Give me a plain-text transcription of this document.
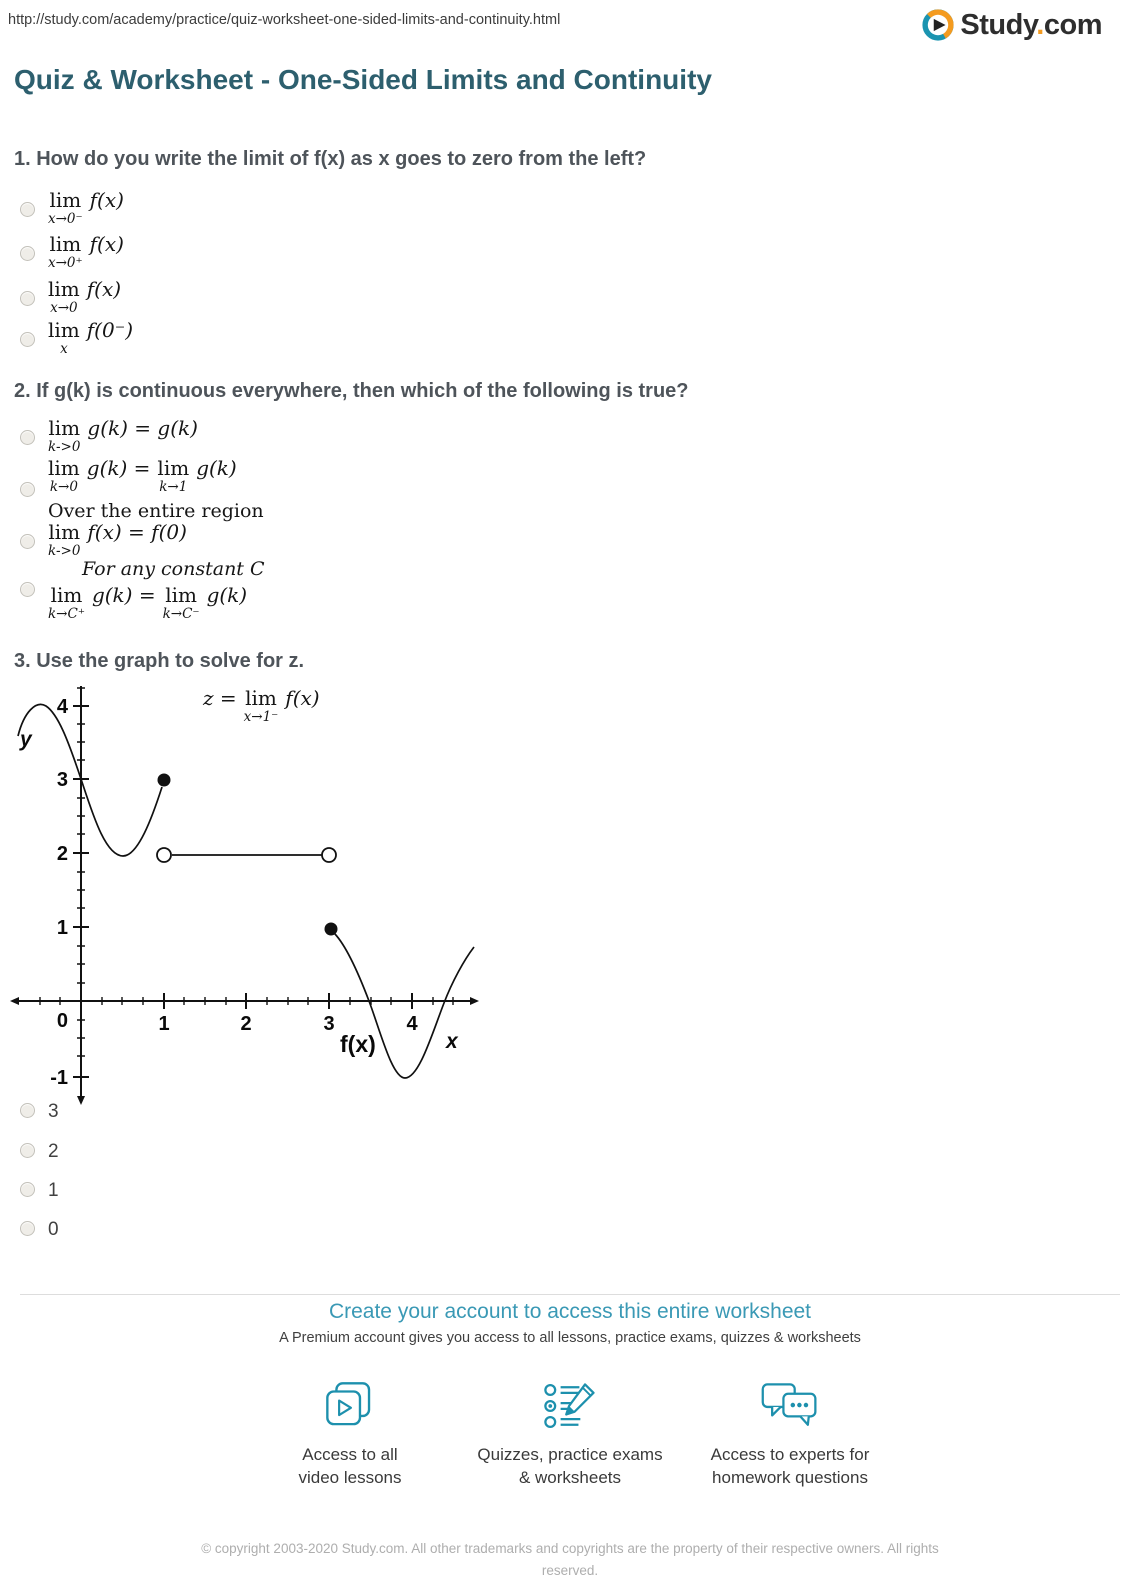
http://study.com/academy/practice/quiz-worksheet-one-sided-limits-and-continuity.html	Study.com
Quiz & Worksheet - One-Sided Limits and Continuity
1. How do you write the limit of f(x) as x goes to zero from the left?
lim
x→0⁻
f(x)
lim
x→0⁺
f(x)
lim
x→0
f(x)
lim
x
f(0⁻)
2. If g(k) is continuous everywhere, then which of the following is true?
lim
k->0
g(k) = g(k)
lim
k→0
g(k) = lim
k→1
g(k)
Over the entire region
lim
k->0
f(x) = f(0)
For any constant C
lim
k→C⁺
g(k) = lim
k→C⁻
g(k)
3. Use the graph to solve for z.
4
3
2
1
0
-1
1	2	3	4
y
x
f(x)
z = lim
x→1⁻
f(x)
3
2
1
0
Create your account to access this entire worksheet
A Premium account gives you access to all lessons, practice exams, quizzes & worksheets
Access to all
video lessons
Quizzes, practice exams
& worksheets
Access to experts for
homework questions
© copyright 2003-2020 Study.com. All other trademarks and copyrights are the property of their respective owners. All rights
reserved.
